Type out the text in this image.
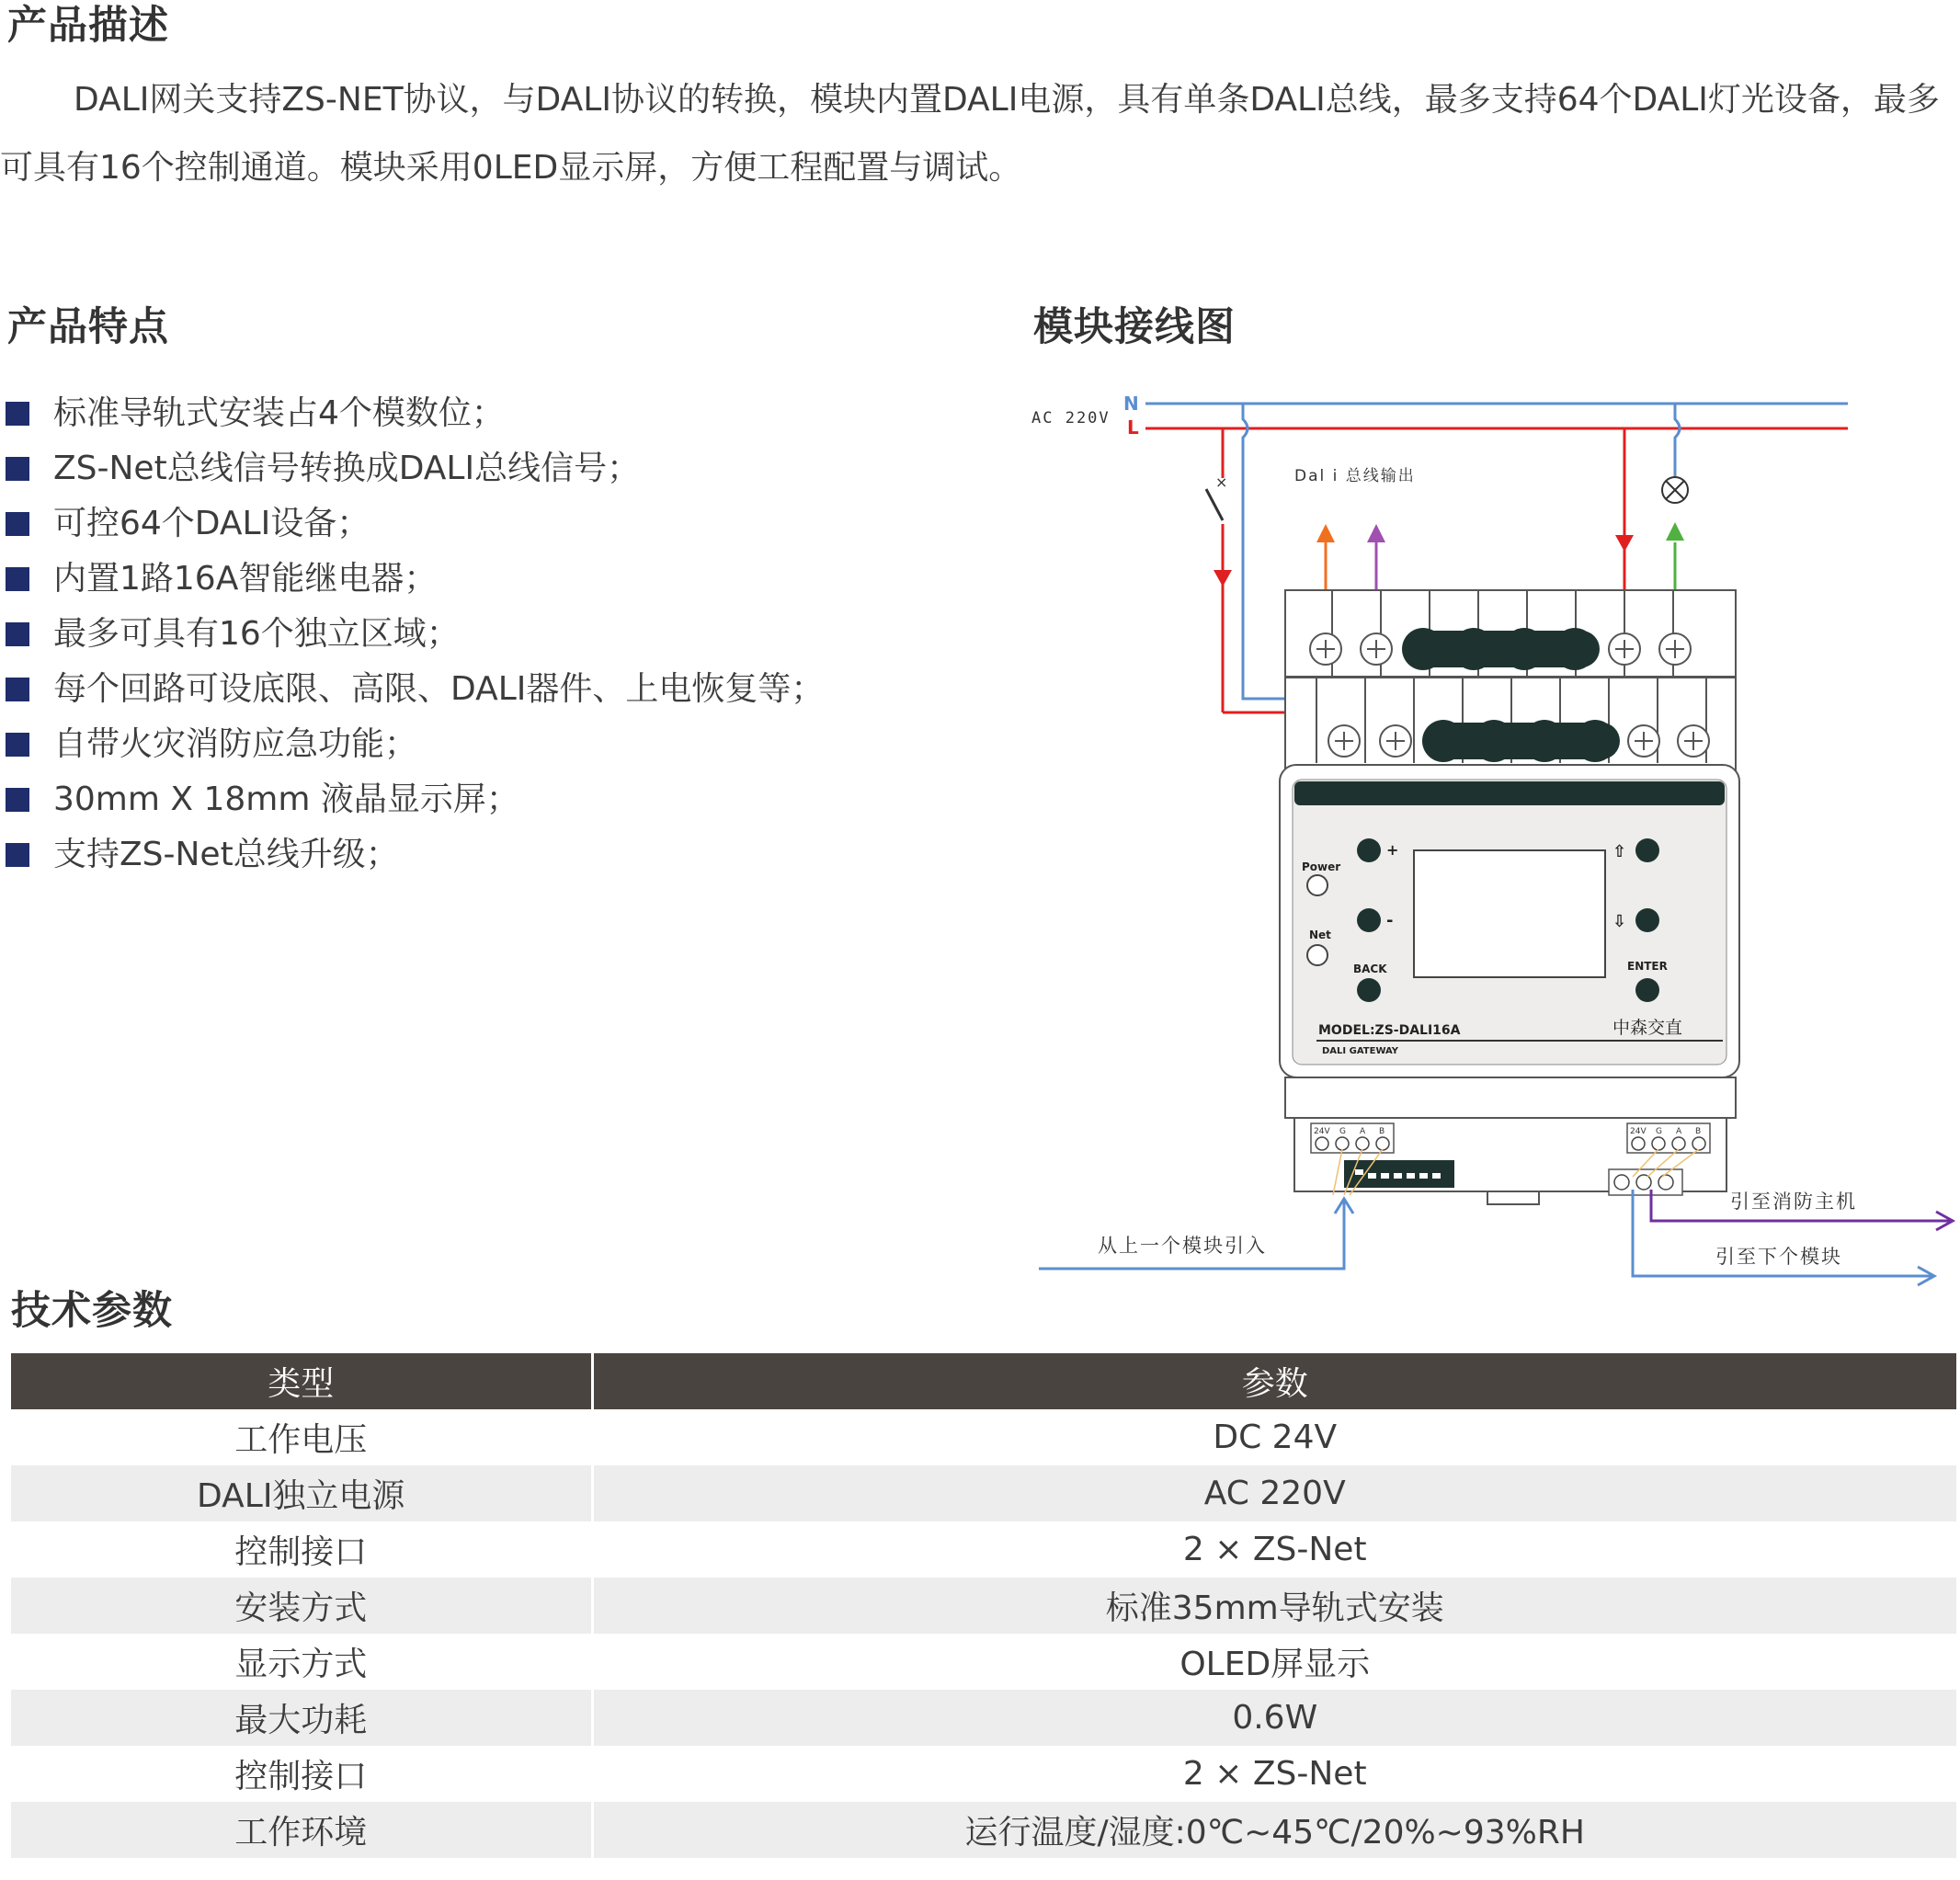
产品描述
DALI网关支持ZS-NET协议，与DALI协议的转换，模块内置DALI电源，具有单条DALI总线，最多支持64个DALI灯光设备，最多可具有16个控制通道。模块采用0LED显示屏，方便工程配置与调试。
产品特点
标准导轨式安装占4个模数位；
ZS-Net总线信号转换成DALI总线信号；
可控64个DALI设备；
内置1路16A智能继电器；
最多可具有16个独立区域；
每个回路可设底限、高限、DALI器件、上电恢复等；
自带火灾消防应急功能；
30mm X 18mm 液晶显示屏；
支持ZS-Net总线升级；
模块接线图
AC 220V
N
L
×	Dal i 总线输出
Power
Net
+
-
BACK
⇧
⇩
ENTER
MODEL:ZS-DALI16A	中森交直
DALI GATEWAY
24V G A B	24V G A B
从上一个模块引入
引至消防主机
引至下个模块
技术参数
类型	参数
工作电压	DC 24V
DALI独立电源	AC 220V
控制接口	2 × ZS-Net
安装方式	标准35mm导轨式安装
显示方式	OLED屏显示
最大功耗	0.6W
控制接口	2 × ZS-Net
工作环境	运行温度/湿度:0℃~45℃/20%~93%RH
